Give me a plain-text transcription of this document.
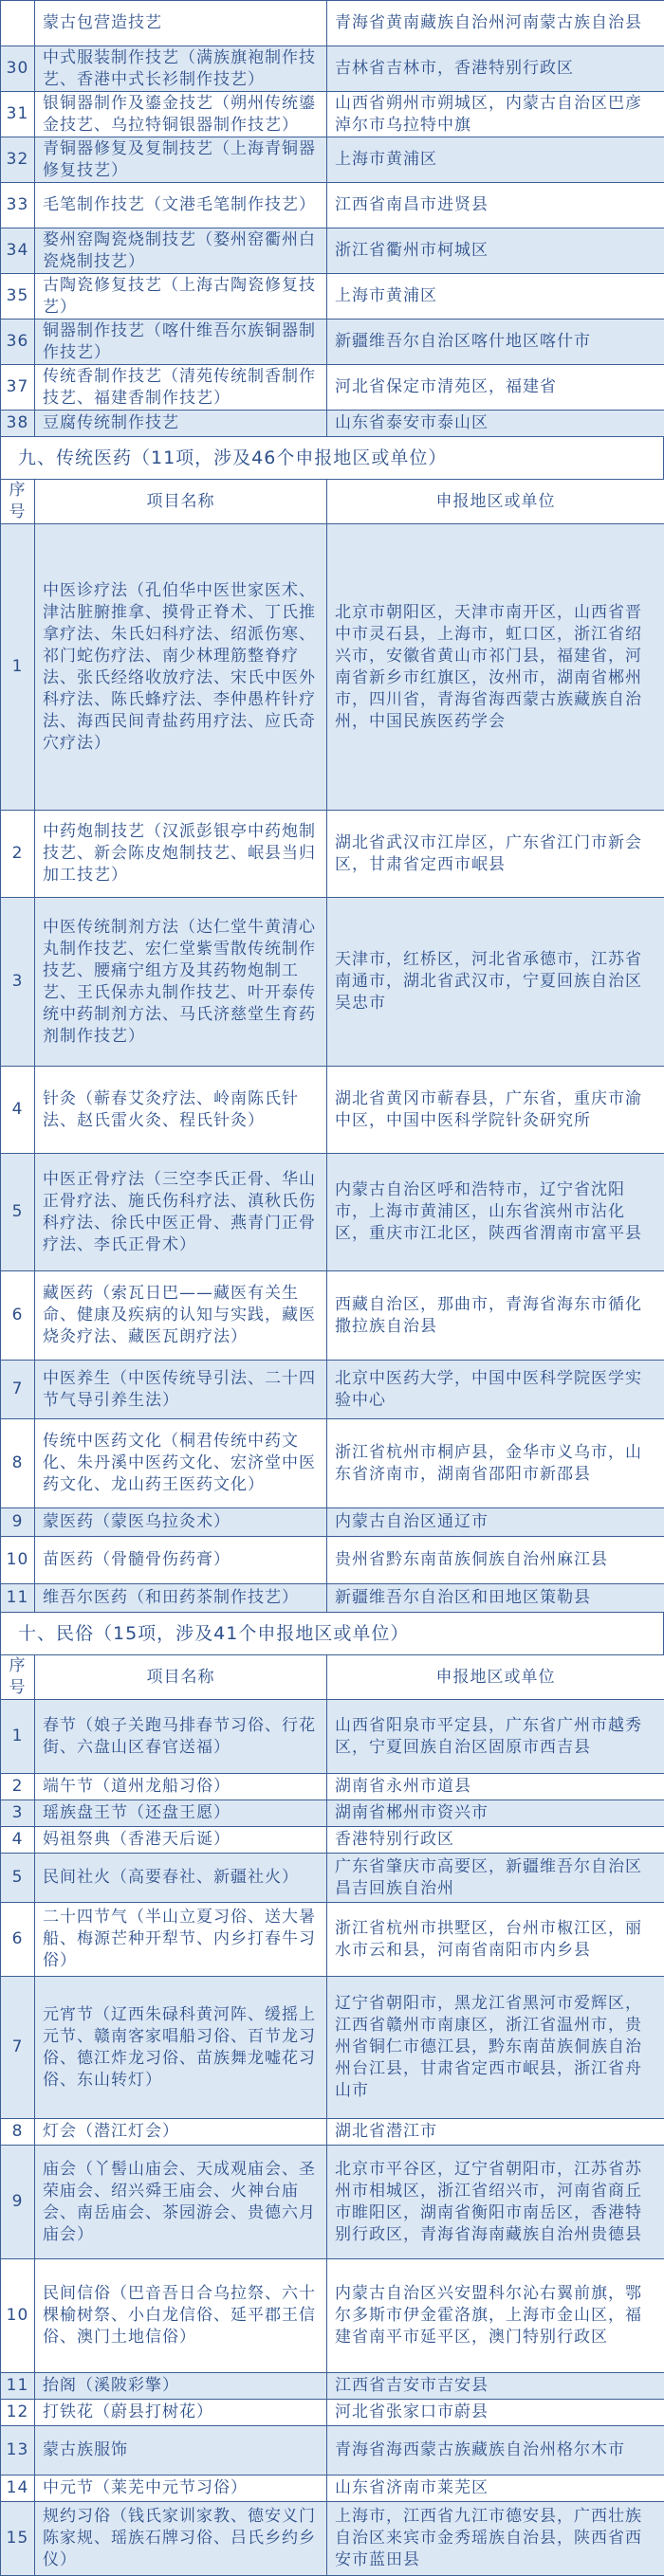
	蒙古包营造技艺	青海省黄南藏族自治州河南蒙古族自治县
30	中式服装制作技艺（满族旗袍制作技艺、香港中式长衫制作技艺）	吉林省吉林市，香港特别行政区
31	银铜器制作及鎏金技艺（朔州传统鎏金技艺、乌拉特铜银器制作技艺）	山西省朔州市朔城区，内蒙古自治区巴彦淖尔市乌拉特中旗
32	青铜器修复及复制技艺（上海青铜器修复技艺）	上海市黄浦区
33	毛笔制作技艺（文港毛笔制作技艺）	江西省南昌市进贤县
34	婺州窑陶瓷烧制技艺（婺州窑衢州白瓷烧制技艺）	浙江省衢州市柯城区
35	古陶瓷修复技艺（上海古陶瓷修复技艺）	上海市黄浦区
36	铜器制作技艺（喀什维吾尔族铜器制作技艺）	新疆维吾尔自治区喀什地区喀什市
37	传统香制作技艺（清苑传统制香制作技艺、福建香制作技艺）	河北省保定市清苑区，福建省
38	豆腐传统制作技艺	山东省泰安市泰山区
九、传统医药（11项，涉及46个申报地区或单位）
序号	项目名称	申报地区或单位
1	中医诊疗法（孔伯华中医世家医术、津沽脏腑推拿、摸骨正脊术、丁氏推拿疗法、朱氏妇科疗法、绍派伤寒、祁门蛇伤疗法、南少林理筋整脊疗法、张氏经络收放疗法、宋氏中医外科疗法、陈氏蜂疗法、李仲愚杵针疗法、海西民间青盐药用疗法、应氏奇穴疗法）	北京市朝阳区，天津市南开区，山西省晋中市灵石县，上海市，虹口区，浙江省绍兴市，安徽省黄山市祁门县，福建省，河南省新乡市红旗区，汝州市，湖南省郴州市，四川省，青海省海西蒙古族藏族自治州，中国民族医药学会
2	中药炮制技艺（汉派彭银亭中药炮制技艺、新会陈皮炮制技艺、岷县当归加工技艺）	湖北省武汉市江岸区，广东省江门市新会区，甘肃省定西市岷县
3	中医传统制剂方法（达仁堂牛黄清心丸制作技艺、宏仁堂紫雪散传统制作技艺、腰痛宁组方及其药物炮制工艺、王氏保赤丸制作技艺、叶开泰传统中药制剂方法、马氏济慈堂生育药剂制作技艺）	天津市，红桥区，河北省承德市，江苏省南通市，湖北省武汉市，宁夏回族自治区吴忠市
4	针灸（蕲春艾灸疗法、岭南陈氏针法、赵氏雷火灸、程氏针灸）	湖北省黄冈市蕲春县，广东省，重庆市渝中区，中国中医科学院针灸研究所
5	中医正骨疗法（三空李氏正骨、华山正骨疗法、施氏伤科疗法、滇秋氏伤科疗法、徐氏中医正骨、燕青门正骨疗法、李氏正骨术）	内蒙古自治区呼和浩特市，辽宁省沈阳市，上海市黄浦区，山东省滨州市沾化区，重庆市江北区，陕西省渭南市富平县
6	藏医药（索瓦日巴——藏医有关生命、健康及疾病的认知与实践，藏医烧灸疗法、藏医瓦朗疗法）	西藏自治区，那曲市，青海省海东市循化撒拉族自治县
7	中医养生（中医传统导引法、二十四节气导引养生法）	北京中医药大学，中国中医科学院医学实验中心
8	传统中医药文化（桐君传统中药文化、朱丹溪中医药文化、宏济堂中医药文化、龙山药王医药文化）	浙江省杭州市桐庐县，金华市义乌市，山东省济南市，湖南省邵阳市新邵县
9	蒙医药（蒙医乌拉灸术）	内蒙古自治区通辽市
10	苗医药（骨髓骨伤药膏）	贵州省黔东南苗族侗族自治州麻江县
11	维吾尔医药（和田药茶制作技艺）	新疆维吾尔自治区和田地区策勒县
十、民俗（15项，涉及41个申报地区或单位）
序号	项目名称	申报地区或单位
1	春节（娘子关跑马排春节习俗、行花街、六盘山区春官送福）	山西省阳泉市平定县，广东省广州市越秀区，宁夏回族自治区固原市西吉县
2	端午节（道州龙船习俗）	湖南省永州市道县
3	瑶族盘王节（还盘王愿）	湖南省郴州市资兴市
4	妈祖祭典（香港天后诞）	香港特别行政区
5	民间社火（高要春社、新疆社火）	广东省肇庆市高要区，新疆维吾尔自治区昌吉回族自治州
6	二十四节气（半山立夏习俗、送大暑船、梅源芒种开犁节、内乡打春牛习俗）	浙江省杭州市拱墅区，台州市椒江区，丽水市云和县，河南省南阳市内乡县
7	元宵节（辽西朱碌科黄河阵、缓摇上元节、赣南客家唱船习俗、百节龙习俗、德江炸龙习俗、苗族舞龙嘘花习俗、东山转灯）	辽宁省朝阳市，黑龙江省黑河市爱辉区，江西省赣州市南康区，浙江省温州市，贵州省铜仁市德江县，黔东南苗族侗族自治州台江县，甘肃省定西市岷县，浙江省舟山市
8	灯会（潜江灯会）	湖北省潜江市
9	庙会（丫髻山庙会、天成观庙会、圣荣庙会、绍兴舜王庙会、火神台庙会、南岳庙会、茶园游会、贵德六月庙会）	北京市平谷区，辽宁省朝阳市，江苏省苏州市相城区，浙江省绍兴市，河南省商丘市睢阳区，湖南省衡阳市南岳区，香港特别行政区，青海省海南藏族自治州贵德县
10	民间信俗（巴音吾日合乌拉祭、六十棵榆树祭、小白龙信俗、延平郡王信俗、澳门土地信俗）	内蒙古自治区兴安盟科尔沁右翼前旗，鄂尔多斯市伊金霍洛旗，上海市金山区，福建省南平市延平区，澳门特别行政区
11	抬阁（溪陂彩擎）	江西省吉安市吉安县
12	打铁花（蔚县打树花）	河北省张家口市蔚县
13	蒙古族服饰	青海省海西蒙古族藏族自治州格尔木市
14	中元节（莱芜中元节习俗）	山东省济南市莱芜区
15	规约习俗（钱氏家训家教、德安义门陈家规、瑶族石牌习俗、吕氏乡约乡仪）	上海市，江西省九江市德安县，广西壮族自治区来宾市金秀瑶族自治县，陕西省西安市蓝田县
